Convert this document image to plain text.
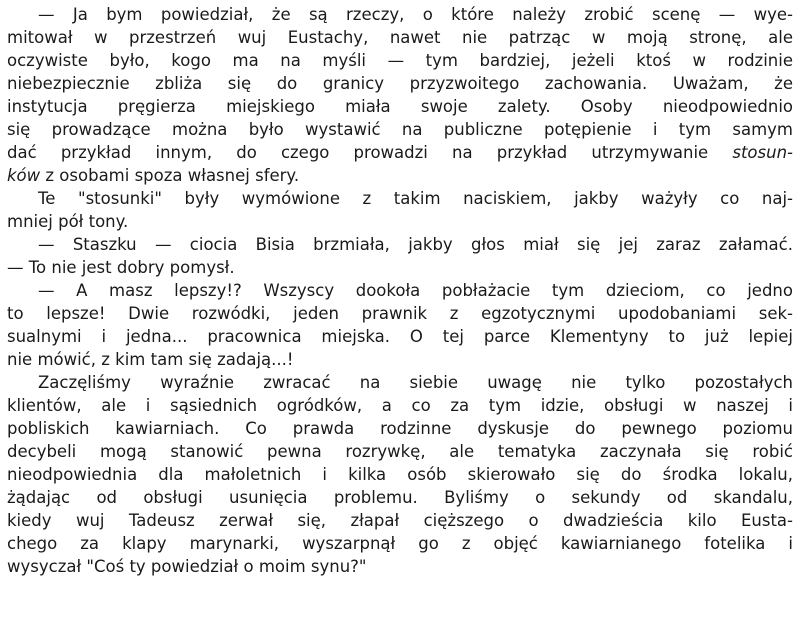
— Ja bym powiedział, że są rzeczy, o które należy zrobić scenę — wye-
mitował w przestrzeń wuj Eustachy, nawet nie patrząc w moją stronę, ale
oczywiste było, kogo ma na myśli — tym bardziej, jeżeli ktoś w rodzinie
niebezpiecznie zbliża się do granicy przyzwoitego zachowania. Uważam, że
instytucja pręgierza miejskiego miała swoje zalety. Osoby nieodpowiednio
się prowadzące można było wystawić na publiczne potępienie i tym samym
dać przykład innym, do czego prowadzi na przykład utrzymywanie stosun-
ków z osobami spoza własnej sfery.
Te "stosunki" były wymówione z takim naciskiem, jakby ważyły co naj-
mniej pół tony.
— Staszku — ciocia Bisia brzmiała, jakby głos miał się jej zaraz załamać.
— To nie jest dobry pomysł.
— A masz lepszy!? Wszyscy dookoła pobłażacie tym dzieciom, co jedno
to lepsze! Dwie rozwódki, jeden prawnik z egzotycznymi upodobaniami sek-
sualnymi i jedna... pracownica miejska. O tej parce Klementyny to już lepiej
nie mówić, z kim tam się zadają...!
Zaczęliśmy wyraźnie zwracać na siebie uwagę nie tylko pozostałych
klientów, ale i sąsiednich ogródków, a co za tym idzie, obsługi w naszej i
pobliskich kawiarniach. Co prawda rodzinne dyskusje do pewnego poziomu
decybeli mogą stanowić pewna rozrywkę, ale tematyka zaczynała się robić
nieodpowiednia dla małoletnich i kilka osób skierowało się do środka lokalu,
żądając od obsługi usunięcia problemu. Byliśmy o sekundy od skandalu,
kiedy wuj Tadeusz zerwał się, złapał cięższego o dwadzieścia kilo Eusta-
chego za klapy marynarki, wyszarpnął go z objęć kawiarnianego fotelika i
wysyczał "Coś ty powiedział o moim synu?"
